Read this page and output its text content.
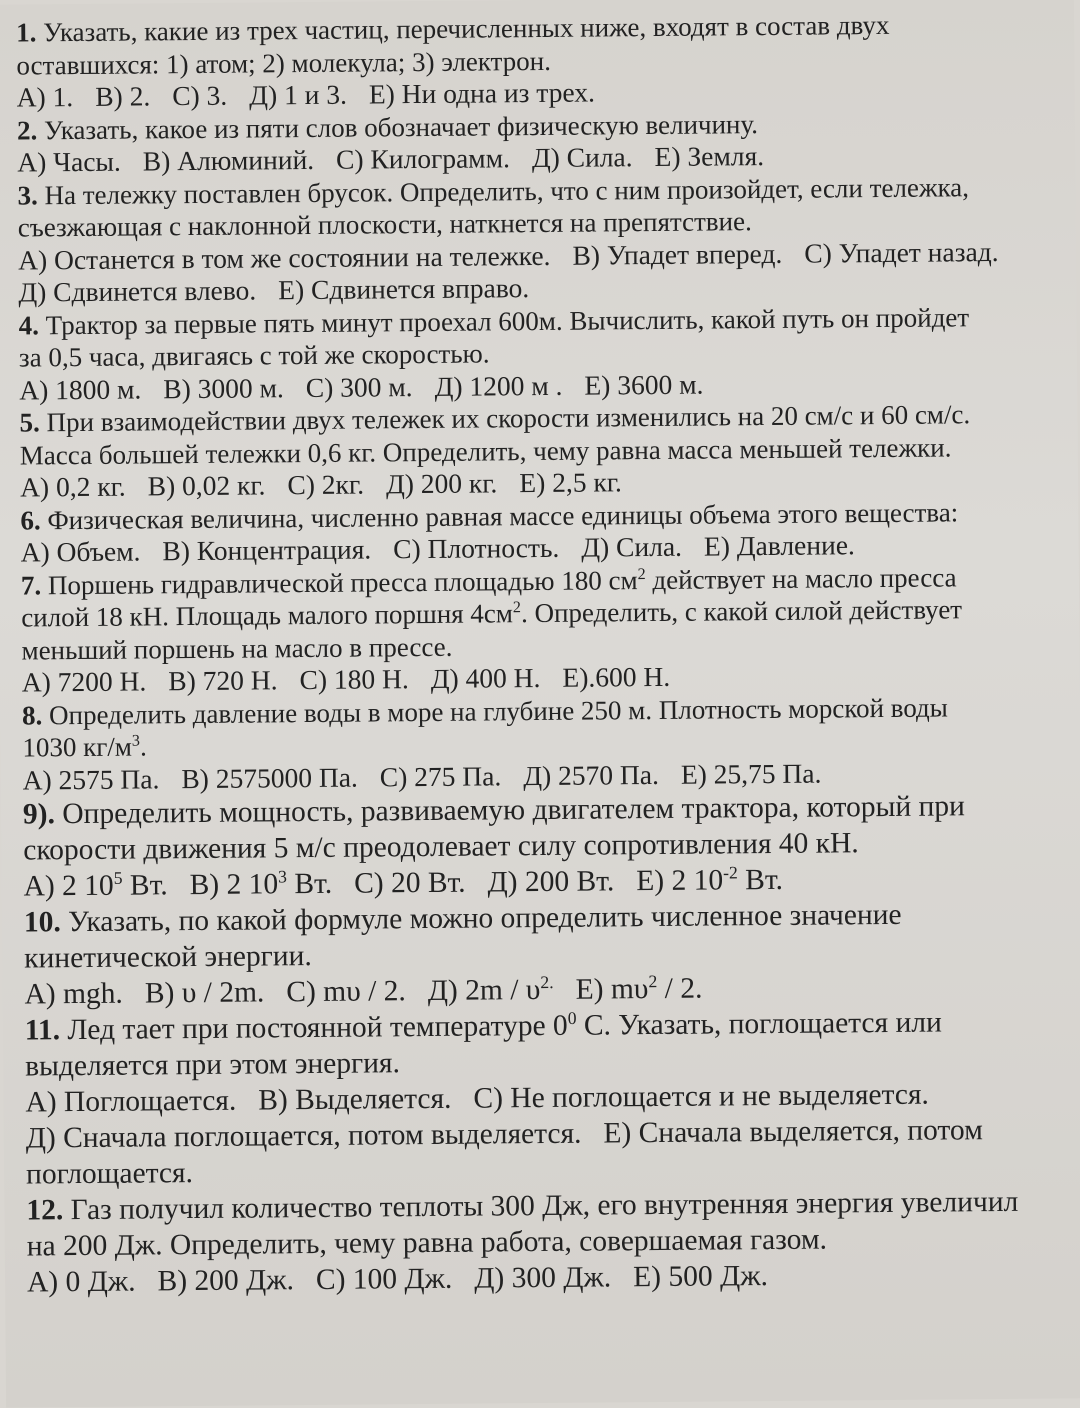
1. Указать, какие из трех частиц, перечисленных ниже, входят в состав двух
оставшихся: 1) атом; 2) молекула; 3) электрон.
А) 1. В) 2. С) 3. Д) 1 и 3. Е) Ни одна из трех.
2. Указать, какое из пяти слов обозначает физическую величину.
А) Часы. В) Алюминий. С) Килограмм. Д) Сила. Е) Земля.
3. На тележку поставлен брусок. Определить, что с ним произойдет, если тележка,
съезжающая с наклонной плоскости, наткнется на препятствие.
А) Останется в том же состоянии на тележке. В) Упадет вперед. С) Упадет назад.
Д) Сдвинется влево. Е) Сдвинется вправо.
4. Трактор за первые пять минут проехал 600м. Вычислить, какой путь он пройдет
за 0,5 часа, двигаясь с той же скоростью.
А) 1800 м. В) 3000 м. С) 300 м. Д) 1200 м . Е) 3600 м.
5. При взаимодействии двух тележек их скорости изменились на 20 см/с и 60 см/с.
Масса большей тележки 0,6 кг. Определить, чему равна масса меньшей тележки.
А) 0,2 кг. В) 0,02 кг. С) 2кг. Д) 200 кг. Е) 2,5 кг.
6. Физическая величина, численно равная массе единицы объема этого вещества:
А) Объем. В) Концентрация. С) Плотность. Д) Сила. Е) Давление.
7. Поршень гидравлической пресса площадью 180 $см^2$ действует на масло пресса
силой 18 кН. Площадь малого поршня $4см^2$. Определить, с какой силой действует
меньший поршень на масло в прессе.
А) 7200 Н. В) 720 Н. С) 180 Н. Д) 400 Н. Е).600 Н.
8. Определить давление воды в море на глубине 250 м. Плотность морской воды
1030 $кг/м^3$.
А) 2575 Па. В) 2575000 Па. С) 275 Па. Д) 2570 Па. Е) 25,75 Па.
9). Определить мощность, развиваемую двигателем трактора, который при
скорости движения 5 м/с преодолевает силу сопротивления 40 кН.
А) 2 $10^5$ Вт. В) 2 $10^3$ Вт. С) 20 Вт. Д) 200 Вт. Е) 2 $10^{-2}$ Вт.
10. Указать, по какой формуле можно определить численное значение
кинетической энергии.
А) mgh. В) υ / 2m. С) mυ / 2. Д) $2m / \upsilon^{2.}$ Е) $m\upsilon^2 / 2$.
11. Лед тает при постоянной температуре $0^0$ С. Указать, поглощается или
выделяется при этом энергия.
А) Поглощается. В) Выделяется. С) Не поглощается и не выделяется.
Д) Сначала поглощается, потом выделяется. Е) Сначала выделяется, потом
поглощается.
12. Газ получил количество теплоты 300 Дж, его внутренняя энергия увеличил
на 200 Дж. Определить, чему равна работа, совершаемая газом.
А) 0 Дж. В) 200 Дж. С) 100 Дж. Д) 300 Дж. Е) 500 Дж.
